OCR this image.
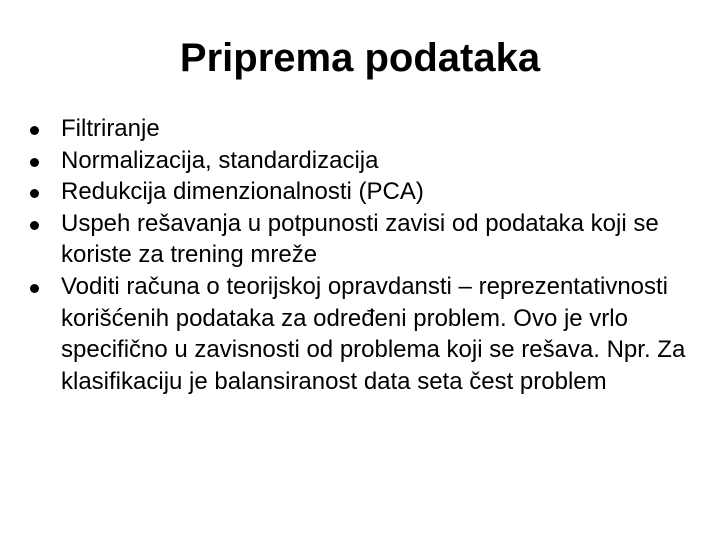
Priprema podataka
Filtriranje
Normalizacija, standardizacija
Redukcija dimenzionalnosti (PCA)
Uspeh rešavanja u potpunosti zavisi od podataka koji se koriste za trening mreže
Voditi računa o teorijskoj opravdansti – reprezentativnosti korišćenih podataka za određeni problem. Ovo je vrlo specifično u zavisnosti od problema koji se rešava. Npr. Za klasifikaciju je balansiranost data seta čest problem
